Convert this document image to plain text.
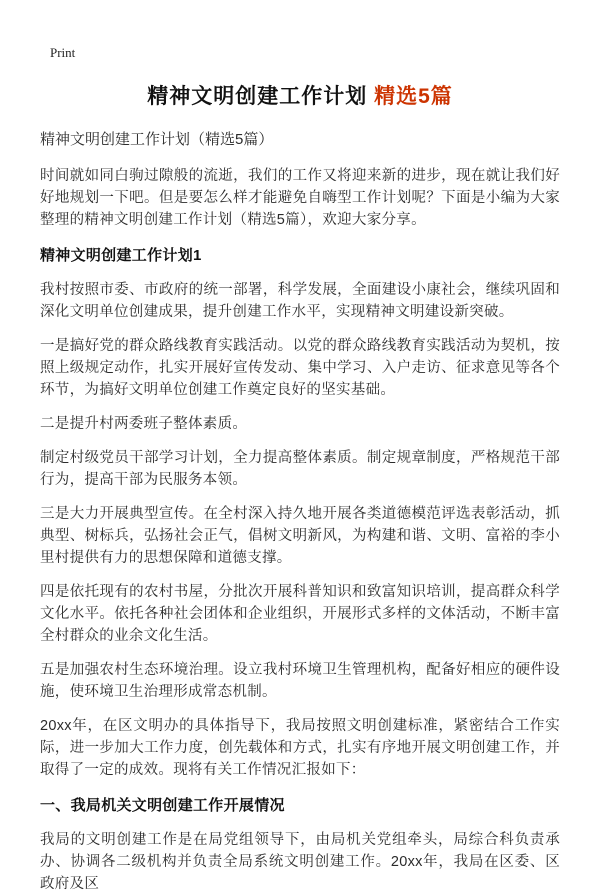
Print
精神文明创建工作计划 精选5篇
精神文明创建工作计划（精选5篇）
时间就如同白驹过隙般的流逝，我们的工作又将迎来新的进步，现在就让我们好好地规划一下吧。但是要怎么样才能避免自嗨型工作计划呢？下面是小编为大家整理的精神文明创建工作计划（精选5篇），欢迎大家分享。
精神文明创建工作计划1
我村按照市委、市政府的统一部署，科学发展，全面建设小康社会，继续巩固和深化文明单位创建成果，提升创建工作水平，实现精神文明建设新突破。
一是搞好党的群众路线教育实践活动。以党的群众路线教育实践活动为契机，按照上级规定动作，扎实开展好宣传发动、集中学习、入户走访、征求意见等各个环节，为搞好文明单位创建工作奠定良好的坚实基础。
二是提升村两委班子整体素质。
制定村级党员干部学习计划，全力提高整体素质。制定规章制度，严格规范干部行为，提高干部为民服务本领。
三是大力开展典型宣传。在全村深入持久地开展各类道德模范评选表彰活动，抓典型、树标兵，弘扬社会正气，倡树文明新风，为构建和谐、文明、富裕的李小里村提供有力的思想保障和道德支撑。
四是依托现有的农村书屋，分批次开展科普知识和致富知识培训，提高群众科学文化水平。依托各种社会团体和企业组织，开展形式多样的文体活动，不断丰富全村群众的业余文化生活。
五是加强农村生态环境治理。设立我村环境卫生管理机构，配备好相应的硬件设施，使环境卫生治理形成常态机制。
20xx年，在区文明办的具体指导下，我局按照文明创建标准，紧密结合工作实际，进一步加大工作力度，创先载体和方式，扎实有序地开展文明创建工作，并取得了一定的成效。现将有关工作情况汇报如下：
一、我局机关文明创建工作开展情况
我局的文明创建工作是在局党组领导下，由局机关党组牵头，局综合科负责承办、协调各二级机构并负责全局系统文明创建工作。20xx年，我局在区委、区政府及区
